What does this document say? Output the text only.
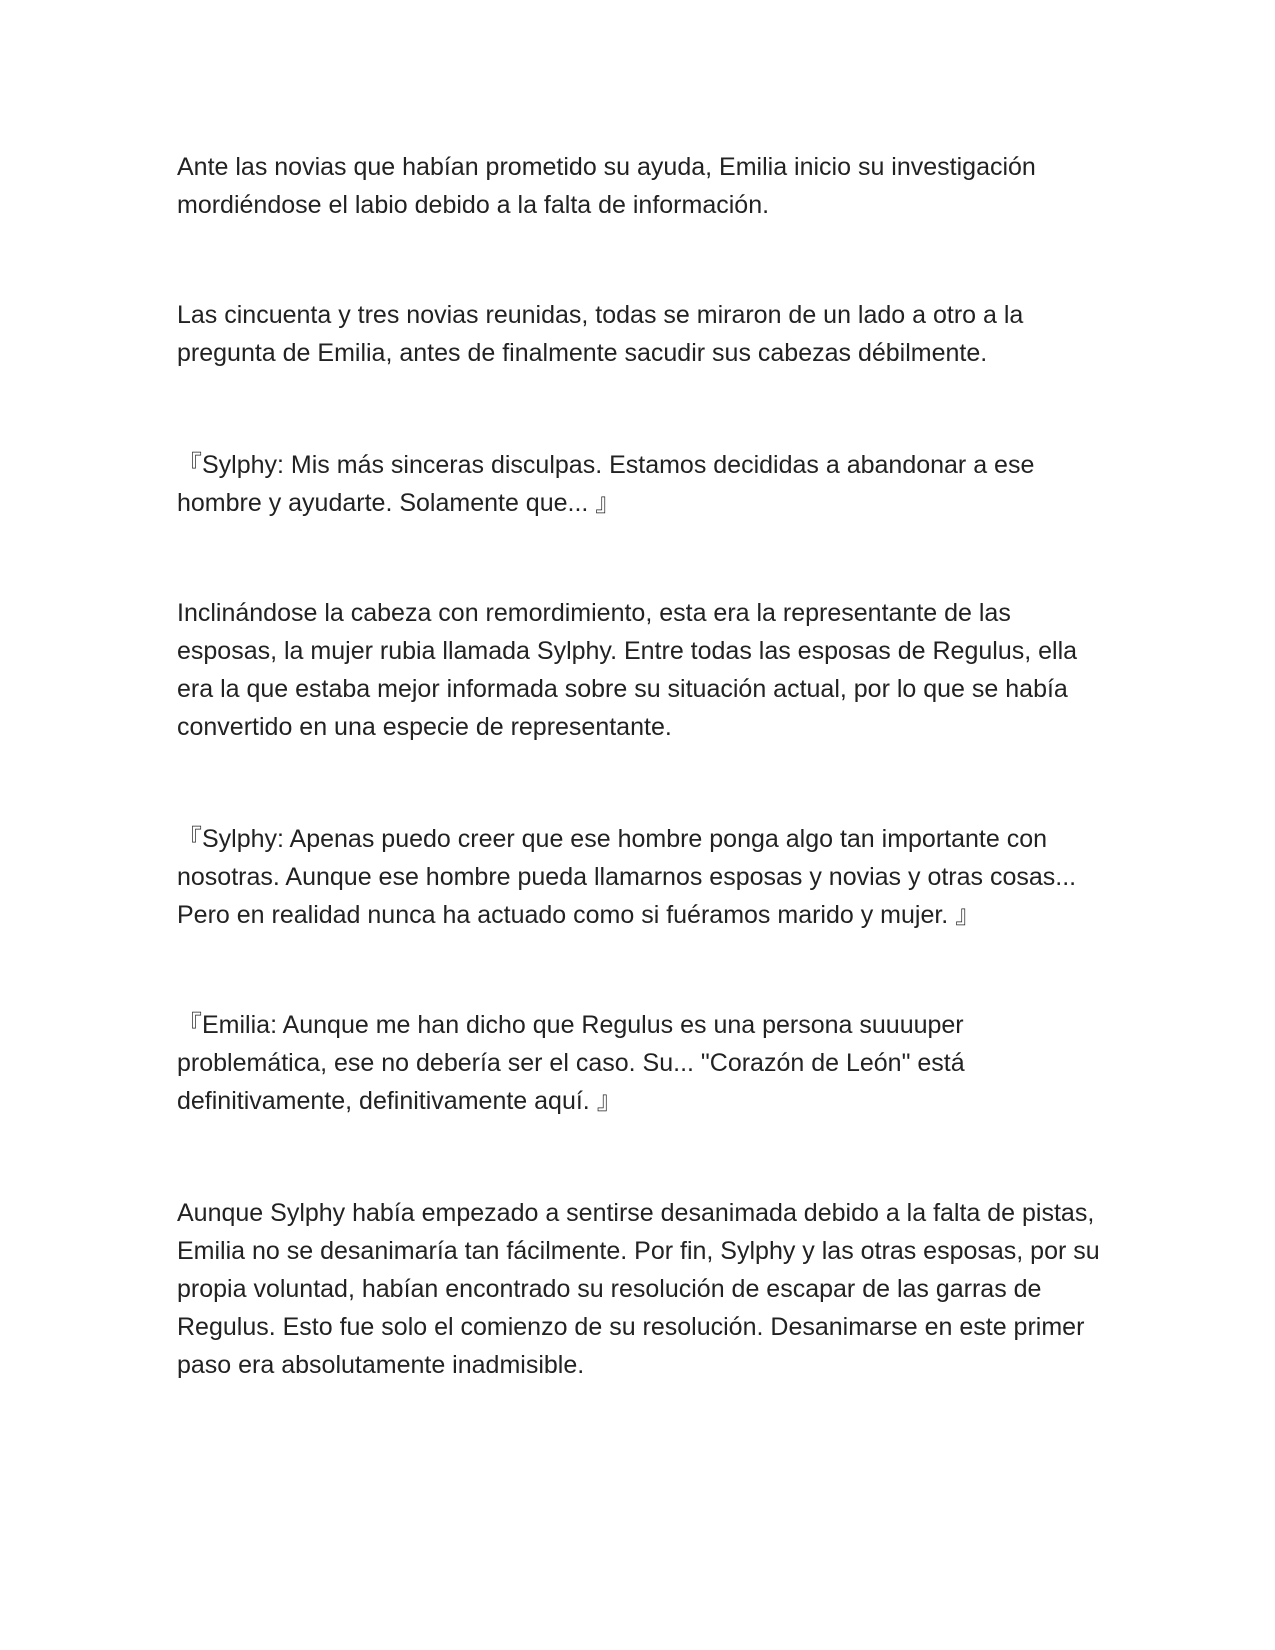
Ante las novias que habían prometido su ayuda, Emilia inicio su investigación mordiéndose el labio debido a la falta de información.

Las cincuenta y tres novias reunidas, todas se miraron de un lado a otro a la pregunta de Emilia, antes de finalmente sacudir sus cabezas débilmente.

『Sylphy: Mis más sinceras disculpas. Estamos decididas a abandonar a ese hombre y ayudarte. Solamente que... 』

Inclinándose la cabeza con remordimiento, esta era la representante de las esposas, la mujer rubia llamada Sylphy. Entre todas las esposas de Regulus, ella era la que estaba mejor informada sobre su situación actual, por lo que se había convertido en una especie de representante.

『Sylphy: Apenas puedo creer que ese hombre ponga algo tan importante con nosotras. Aunque ese hombre pueda llamarnos esposas y novias y otras cosas... Pero en realidad nunca ha actuado como si fuéramos marido y mujer. 』

『Emilia: Aunque me han dicho que Regulus es una persona suuuuper problemática, ese no debería ser el caso. Su... "Corazón de León" está definitivamente, definitivamente aquí. 』

Aunque Sylphy había empezado a sentirse desanimada debido a la falta de pistas, Emilia no se desanimaría tan fácilmente. Por fin, Sylphy y las otras esposas, por su propia voluntad, habían encontrado su resolución de escapar de las garras de Regulus. Esto fue solo el comienzo de su resolución. Desanimarse en este primer paso era absolutamente inadmisible.
